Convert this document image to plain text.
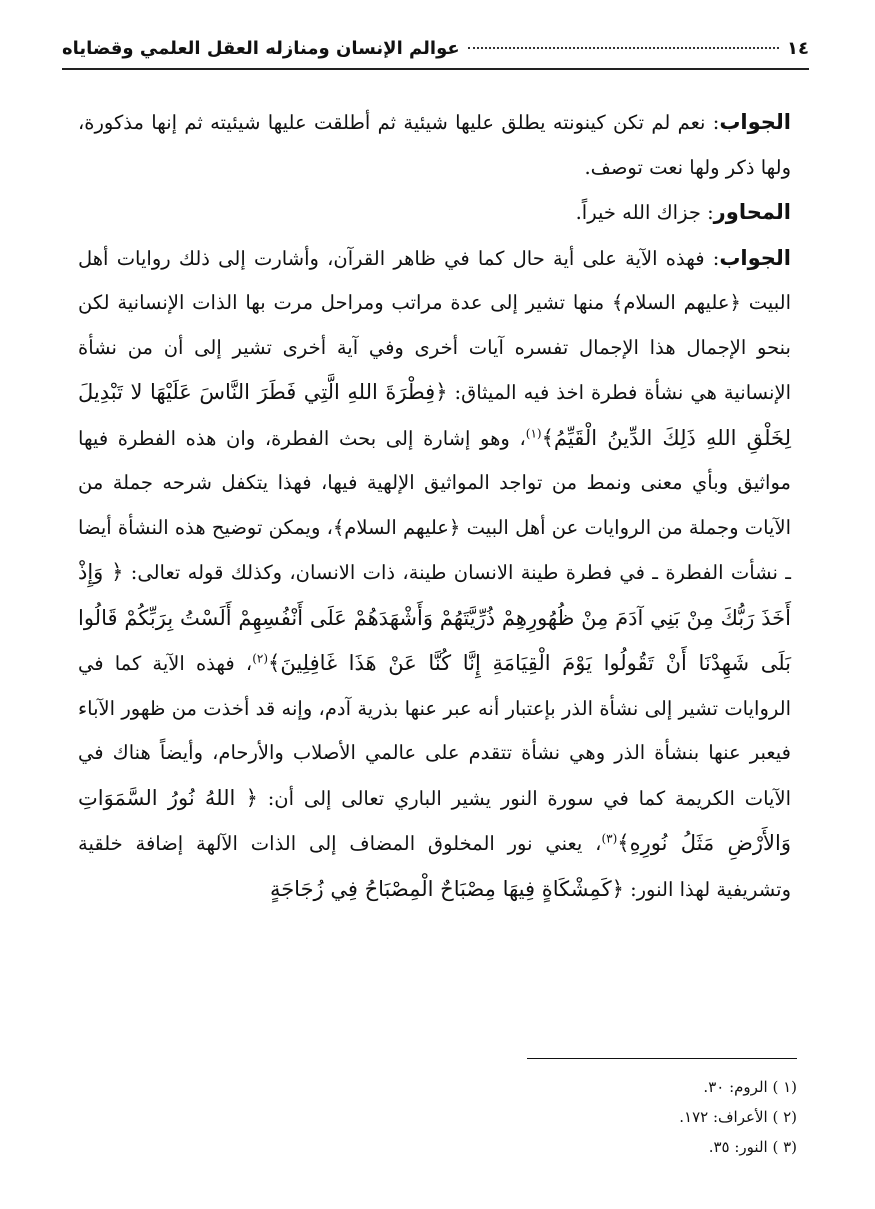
١٤
عوالم الإنسان ومنازله العقل العلمي وقضاياه

الجواب: نعم لم تكن كينونته يطلق عليها شيئية ثم أطلقت عليها شيئيته ثم إنها مذكورة، ولها ذكر ولها نعت توصف.

المحاور: جزاك الله خيراً.

الجواب: فهذه الآية على أية حال كما في ظاهر القرآن، وأشارت إلى ذلك روايات أهل البيت ﴿عليهم السلام﴾ منها تشير إلى عدة مراتب ومراحل مرت بها الذات الإنسانية لكن بنحو الإجمال هذا الإجمال تفسره آيات أخرى وفي آية أخرى تشير إلى أن من نشأة الإنسانية هي نشأة فطرة اخذ فيه الميثاق: ﴿فِطْرَةَ اللهِ الَّتِي فَطَرَ النَّاسَ عَلَيْهَا لا تَبْدِيلَ لِخَلْقِ اللهِ ذَلِكَ الدِّينُ الْقَيِّمُ﴾$^{(١)}$، وهو إشارة إلى بحث الفطرة، وان هذه الفطرة فيها مواثيق وبأي معنى ونمط من تواجد المواثيق الإلهية فيها، فهذا يتكفل شرحه جملة من الآيات وجملة من الروايات عن أهل البيت ﴿عليهم السلام﴾، ويمكن توضيح هذه النشأة أيضا ـ نشأت الفطرة ـ في فطرة طينة الانسان طينة، ذات الانسان، وكذلك قوله تعالى: ﴿ وَإِذْ أَخَذَ رَبُّكَ مِنْ بَنِي آدَمَ مِنْ ظُهُورِهِمْ ذُرِّيَّتَهُمْ وَأَشْهَدَهُمْ عَلَى أَنْفُسِهِمْ أَلَسْتُ بِرَبِّكُمْ قَالُوا بَلَى شَهِدْنَا أَنْ تَقُولُوا يَوْمَ الْقِيَامَةِ إِنَّا كُنَّا عَنْ هَذَا غَافِلِينَ﴾$^{(٢)}$، فهذه الآية كما في الروايات تشير إلى نشأة الذر بإعتبار أنه عبر عنها بذرية آدم، وإنه قد أخذت من ظهور الآباء فيعبر عنها بنشأة الذر وهي نشأة تتقدم على عالمي الأصلاب والأرحام، وأيضاً هناك في الآيات الكريمة كما في سورة النور يشير الباري تعالى إلى أن: ﴿ اللهُ نُورُ السَّمَوَاتِ وَالأَرْضِ مَثَلُ نُورِهِ﴾$^{(٣)}$، يعني نور المخلوق المضاف إلى الذات الآلهة إضافة خلقية وتشريفية لهذا النور: ﴿كَمِشْكَاةٍ فِيهَا مِصْبَاحٌ الْمِصْبَاحُ فِي زُجَاجَةٍ

(١ ) الروم: ٣٠.
(٢ ) الأعراف: ١٧٢.
(٣ ) النور: ٣٥.
